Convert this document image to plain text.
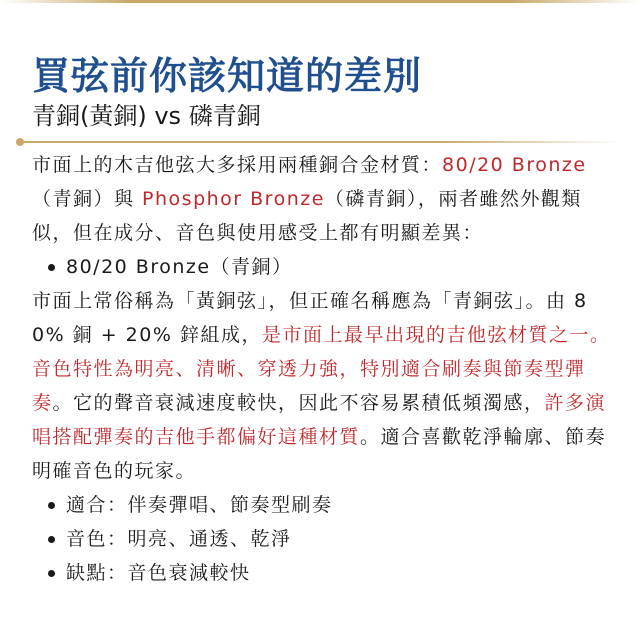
買弦前你該知道的差別
青銅(黃銅) vs 磷青銅

市面上的木吉他弦大多採用兩種銅合金材質：80/20 Bronze（青銅）與 Phosphor Bronze（磷青銅），兩者雖然外觀類似，但在成分、音色與使用感受上都有明顯差異：

80/20 Bronze（青銅）

市面上常俗稱為「黃銅弦」，但正確名稱應為「青銅弦」。由 80% 銅 + 20% 鋅組成，是市面上最早出現的吉他弦材質之一。音色特性為明亮、清晰、穿透力強，特別適合刷奏與節奏型彈奏。它的聲音衰減速度較快，因此不容易累積低頻濁感，許多演唱搭配彈奏的吉他手都偏好這種材質。適合喜歡乾淨輪廓、節奏明確音色的玩家。

適合：伴奏彈唱、節奏型刷奏
音色：明亮、通透、乾淨
缺點：音色衰減較快
